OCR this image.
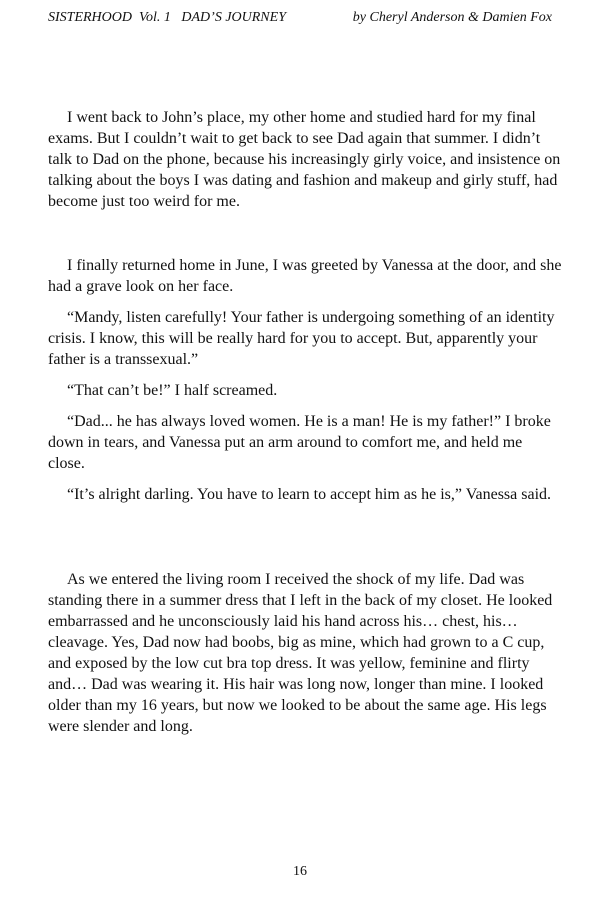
SISTERHOOD  Vol. 1   DAD’S JOURNEY	by Cheryl Anderson & Damien Fox

I went back to John’s place, my other home and studied hard for my final exams. But I couldn’t wait to get back to see Dad again that summer. I didn’t talk to Dad on the phone, because his increasingly girly voice, and insistence on talking about the boys I was dating and fashion and makeup and girly stuff, had become just too weird for me.

I finally returned home in June, I was greeted by Vanessa at the door, and she had a grave look on her face.

“Mandy, listen carefully! Your father is undergoing something of an identity crisis. I know, this will be really hard for you to accept. But, apparently your father is a transsexual.”

“That can’t be!” I half screamed.

“Dad... he has always loved women. He is a man! He is my father!” I broke down in tears, and Vanessa put an arm around to comfort me, and held me close.

“It’s alright darling. You have to learn to accept him as he is,” Vanessa said.

As we entered the living room I received the shock of my life. Dad was standing there in a summer dress that I left in the back of my closet. He looked embarrassed and he unconsciously laid his hand across his… chest, his… cleavage. Yes, Dad now had boobs, big as mine, which had grown to a C cup, and exposed by the low cut bra top dress. It was yellow, feminine and flirty and… Dad was wearing it. His hair was long now, longer than mine. I looked older than my 16 years, but now we looked to be about the same age. His legs were slender and long.

16
